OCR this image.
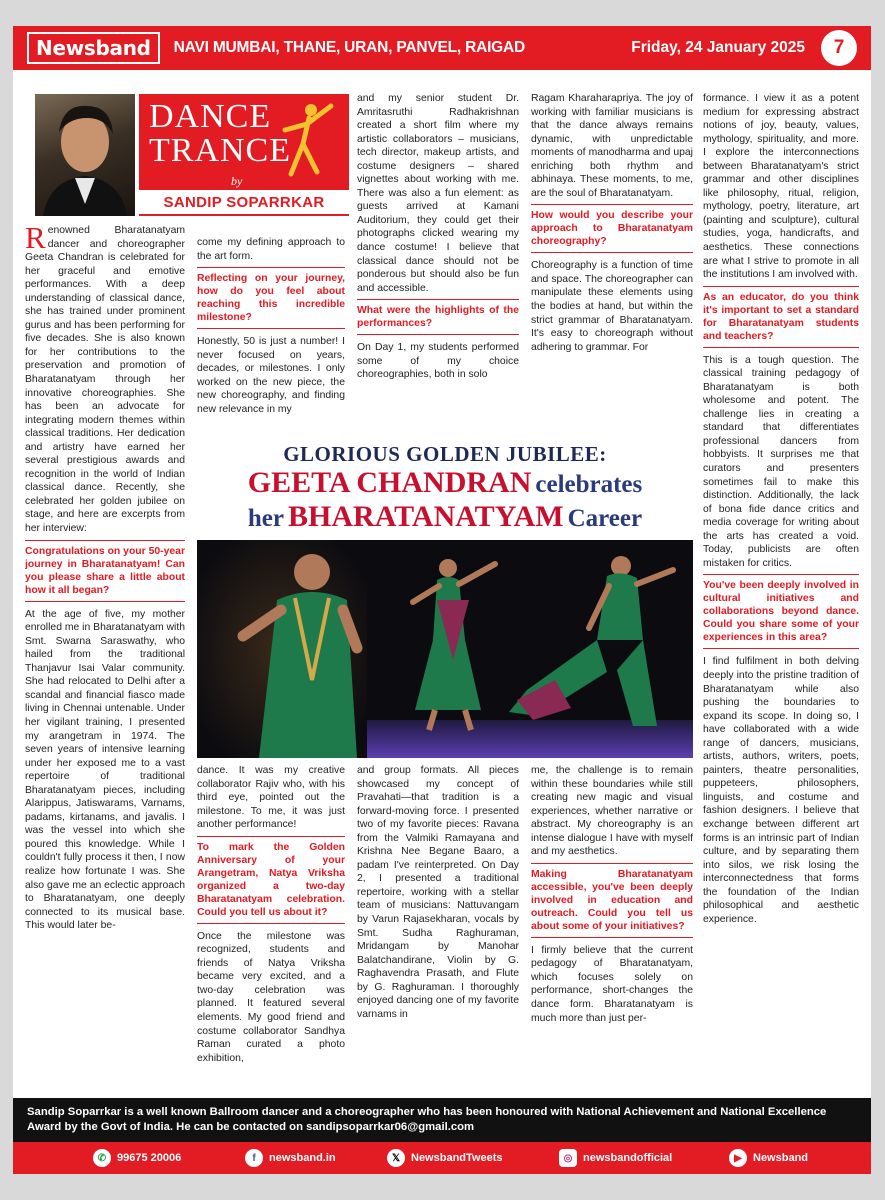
Newsband	NAVI MUMBAI, THANE, URAN, PANVEL, RAIGAD	Friday, 24 January 2025	7
DANCE
TRANCE
by
SANDIP SOPARRKAR

Renowned Bharatanatyam dancer and choreographer Geeta Chandran is celebrated for her graceful and emotive performances. With a deep understanding of classical dance, she has trained under prominent gurus and has been performing for five decades. She is also known for her contributions to the preservation and promotion of Bharatanatyam through her innovative choreographies. She has been an advocate for integrating modern themes within classical traditions. Her dedication and artistry have earned her several prestigious awards and recognition in the world of Indian classical dance. Recently, she celebrated her golden jubilee on stage, and here are excerpts from her interview:

Congratulations on your 50-year journey in Bharatanatyam! Can you please share a little about how it all began?

At the age of five, my mother enrolled me in Bharatanatyam with Smt. Swarna Saraswathy, who hailed from the traditional Thanjavur Isai Valar community. She had relocated to Delhi after a scandal and financial fiasco made living in Chennai untenable. Under her vigilant training, I presented my arangetram in 1974. The seven years of intensive learning under her exposed me to a vast repertoire of traditional Bharatanatyam pieces, including Alarippus, Jatiswarams, Varnams, padams, kirtanams, and javalis. I was the vessel into which she poured this knowledge. While I couldn't fully process it then, I now realize how fortunate I was. She also gave me an eclectic approach to Bharatanatyam, one deeply connected to its musical base. This would later be-

come my defining approach to the art form.

Reflecting on your journey, how do you feel about reaching this incredible milestone?

Honestly, 50 is just a number! I never focused on years, decades, or milestones. I only worked on the new piece, the new choreography, and finding new relevance in my

and my senior student Dr. Amritasruthi Radhakrishnan created a short film where my artistic collaborators – musicians, tech director, makeup artists, and costume designers – shared vignettes about working with me. There was also a fun element: as guests arrived at Kamani Auditorium, they could get their photographs clicked wearing my dance costume! I believe that classical dance should not be ponderous but should also be fun and accessible.

What were the highlights of the performances?

On Day 1, my students performed some of my choice choreographies, both in solo

Ragam Kharaharapriya. The joy of working with familiar musicians is that the dance always remains dynamic, with unpredictable moments of manodharma and upaj enriching both rhythm and abhinaya. These moments, to me, are the soul of Bharatanatyam.

How would you describe your approach to Bharatanatyam choreography?

Choreography is a function of time and space. The choreographer can manipulate these elements using the bodies at hand, but within the strict grammar of Bharatanatyam. It's easy to choreograph without adhering to grammar. For

formance. I view it as a potent medium for expressing abstract notions of joy, beauty, values, mythology, spirituality, and more. I explore the interconnections between Bharatanatyam's strict grammar and other disciplines like philosophy, ritual, religion, mythology, poetry, literature, art (painting and sculpture), cultural studies, yoga, handicrafts, and aesthetics. These connections are what I strive to promote in all the institutions I am involved with.

As an educator, do you think it's important to set a standard for Bharatanatyam students and teachers?

This is a tough question. The classical training pedagogy of Bharatanatyam is both wholesome and potent. The challenge lies in creating a standard that differentiates professional dancers from hobbyists. It surprises me that curators and presenters sometimes fail to make this distinction. Additionally, the lack of bona fide dance critics and media coverage for writing about the arts has created a void. Today, publicists are often mistaken for critics.

You've been deeply involved in cultural initiatives and collaborations beyond dance. Could you share some of your experiences in this area?

I find fulfilment in both delving deeply into the pristine tradition of Bharatanatyam while also pushing the boundaries to expand its scope. In doing so, I have collaborated with a wide range of dancers, musicians, artists, authors, writers, poets, painters, theatre personalities, puppeteers, philosophers, linguists, and costume and fashion designers. I believe that exchange between different art forms is an intrinsic part of Indian culture, and by separating them into silos, we risk losing the interconnectedness that forms the foundation of the Indian philosophical and aesthetic experience.

GLORIOUS GOLDEN JUBILEE:
GEETA CHANDRAN celebrates
her BHARATANATYAM Career

dance. It was my creative collaborator Rajiv who, with his third eye, pointed out the milestone. To me, it was just another performance!

To mark the Golden Anniversary of your Arangetram, Natya Vriksha organized a two-day Bharatanatyam celebration. Could you tell us about it?

Once the milestone was recognized, students and friends of Natya Vriksha became very excited, and a two-day celebration was planned. It featured several elements. My good friend and costume collaborator Sandhya Raman curated a photo exhibition,

and group formats. All pieces showcased my concept of Pravahati—that tradition is a forward-moving force. I presented two of my favorite pieces: Ravana from the Valmiki Ramayana and Krishna Nee Begane Baaro, a padam I've reinterpreted. On Day 2, I presented a traditional repertoire, working with a stellar team of musicians: Nattuvangam by Varun Rajasekharan, vocals by Smt. Sudha Raghuraman, Mridangam by Manohar Balatchandirane, Violin by G. Raghavendra Prasath, and Flute by G. Raghuraman. I thoroughly enjoyed dancing one of my favorite varnams in

me, the challenge is to remain within these boundaries while still creating new magic and visual experiences, whether narrative or abstract. My choreography is an intense dialogue I have with myself and my aesthetics.

Making Bharatanatyam accessible, you've been deeply involved in education and outreach. Could you tell us about some of your initiatives?

I firmly believe that the current pedagogy of Bharatanatyam, which focuses solely on performance, short-changes the dance form. Bharatanatyam is much more than just per-

Sandip Soparrkar is a well known Ballroom dancer and a choreographer who has been honoured with National Achievement and National Excellence Award by the Govt of India. He can be contacted on sandipsoparrkar06@gmail.com
✆ 99675 20006	f	newsband.in	𝕏 NewsbandTweets	◎ newsbandofficial	▶	Newsband
